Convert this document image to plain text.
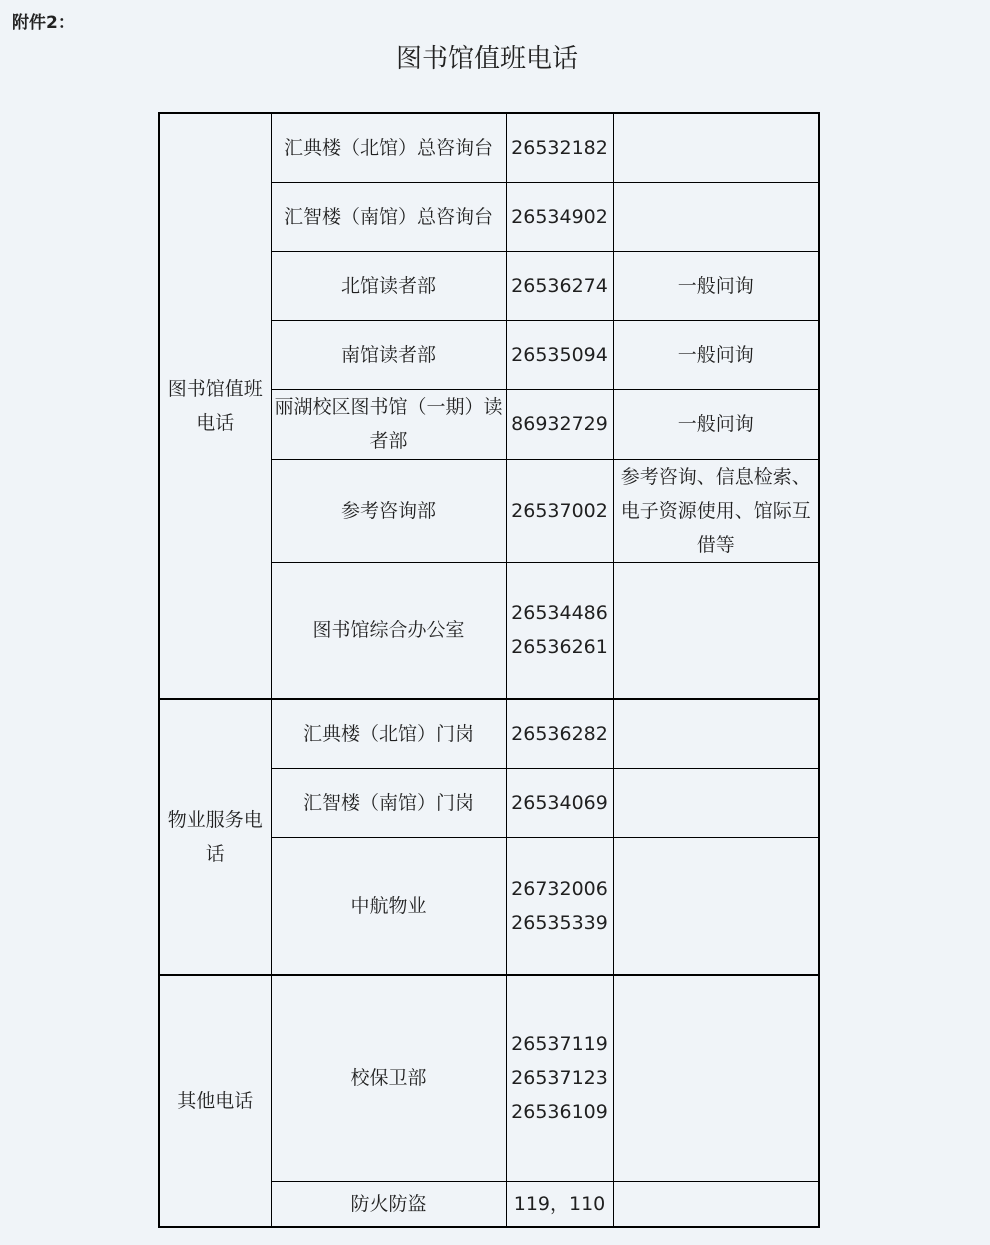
附件2：
图书馆值班电话
图书馆值班电话	汇典楼（北馆）总咨询台	26532182	

	汇智楼（南馆）总咨询台	26534902	

	北馆读者部	26536274	一般问询
	南馆读者部	26535094	一般问询
	丽湖校区图书馆（一期）读者部	86932729	一般问询
	参考咨询部	26537002	参考咨询、信息检索、电子资源使用、馆际互借等
	图书馆综合办公室	26534486
26536261	

物业服务电话	汇典楼（北馆）门岗	26536282	

	汇智楼（南馆）门岗	26534069	

	中航物业	26732006
26535339	

其他电话	校保卫部	26537119
26537123
26536109	

	防火防盗	119，110	
